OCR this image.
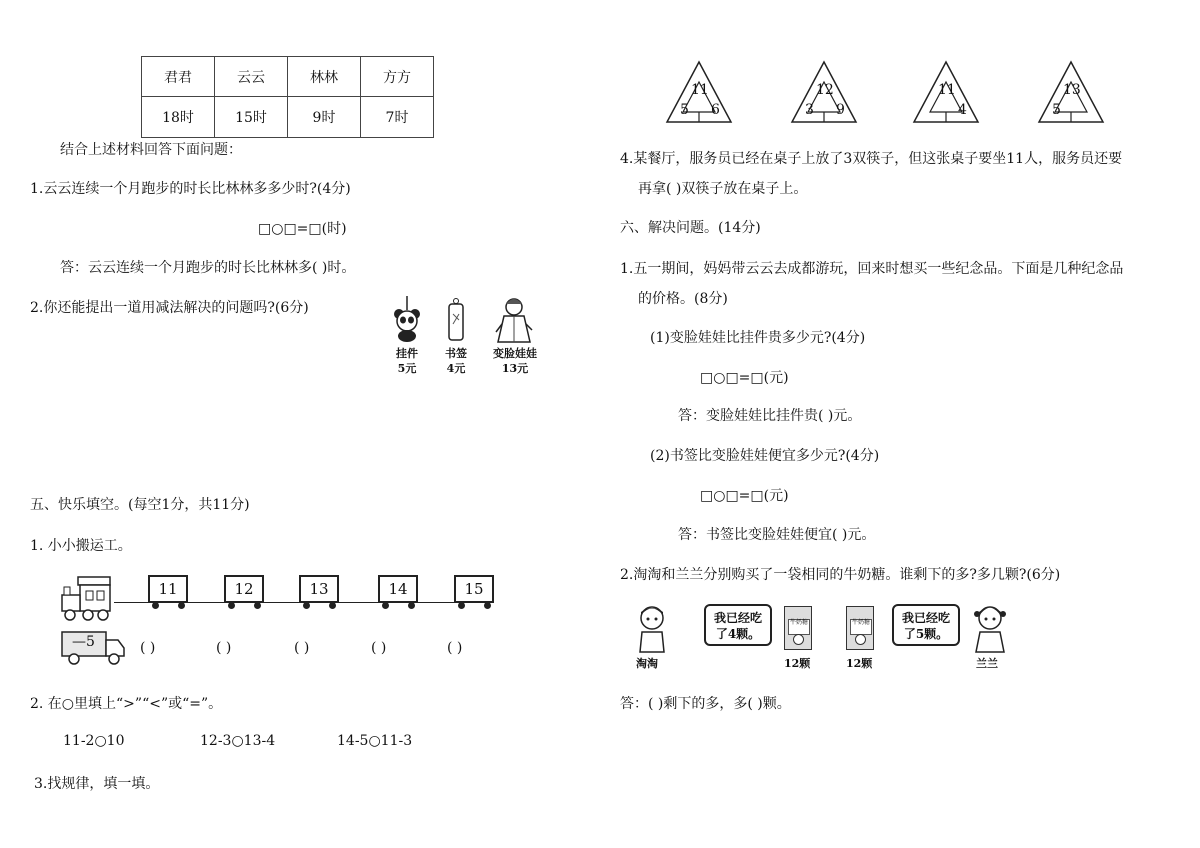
君君	云云	林林	方方
18时	15时	9时	7时
结合上述材料回答下面问题：
1.云云连续一个月跑步的时长比林林多多少时?(4分)
□○□=□(时)
答：云云连续一个月跑步的时长比林林多( )时。
2.你还能提出一道用减法解决的问题吗?(6分)
挂件
5元
书签
4元
变脸娃娃
13元
五、快乐填空。(每空1分，共11分)
1. 小小搬运工。
11	12	13	14	15
—5	( )	( )	( )	( )	( )
2. 在○里填上“>”“<”或“=”。
11-2○10	12-3○13-4	14-5○11-3
3.找规律，填一填。
11
5 6
12
3 9
11
4
13
5
4.某餐厅，服务员已经在桌子上放了3双筷子，但这张桌子要坐11人，服务员还要
再拿( )双筷子放在桌子上。
六、解决问题。(14分)
1.五一期间，妈妈带云云去成都游玩，回来时想买一些纪念品。下面是几种纪念品
的价格。(8分)
(1)变脸娃娃比挂件贵多少元?(4分)
□○□=□(元)
答：变脸娃娃比挂件贵( )元。
(2)书签比变脸娃娃便宜多少元?(4分)
□○□=□(元)
答：书签比变脸娃娃便宜( )元。
2.淘淘和兰兰分别购买了一袋相同的牛奶糖。谁剩下的多?多几颗?(6分)
我已经吃
了4颗。
牛奶糖	牛奶糖	我已经吃
了5颗。
淘淘	12颗	12颗	兰兰
答：( )剩下的多，多( )颗。
